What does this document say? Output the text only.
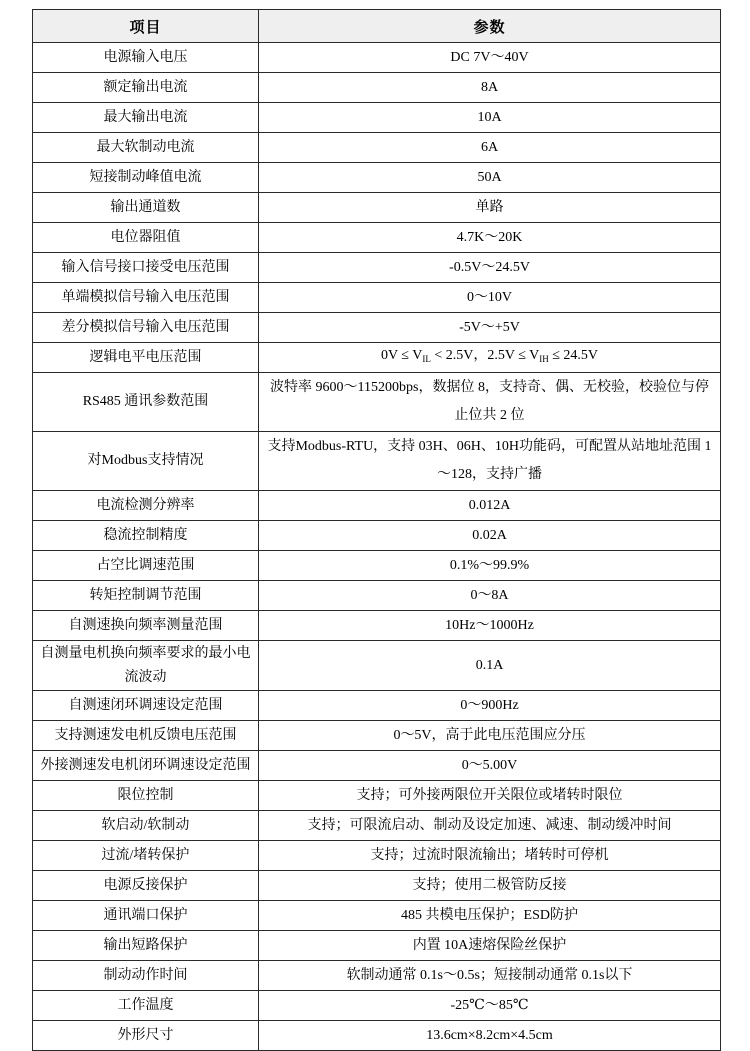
项目	参数
电源输入电压	DC 7V～40V
额定输出电流	8A
最大输出电流	10A
最大软制动电流	6A
短接制动峰值电流	50A
输出通道数	单路
电位器阻值	4.7K～20K
输入信号接口接受电压范围	-0.5V～24.5V
单端模拟信号输入电压范围	0～10V
差分模拟信号输入电压范围	-5V～+5V
逻辑电平电压范围	$0V \le V_{IL} < 2.5V$，$2.5V \le V_{IH} \le 24.5V$
RS485 通讯参数范围	波特率 9600～115200bps，数据位 8，支持奇、偶、无校验，校验位与停止位共 2 位
对Modbus支持情况	支持Modbus-RTU，支持 03H、06H、10H功能码，可配置从站地址范围 1～128，支持广播
电流检测分辨率	0.012A
稳流控制精度	0.02A
占空比调速范围	0.1%～99.9%
转矩控制调节范围	0～8A
自测速换向频率测量范围	10Hz～1000Hz
自测量电机换向频率要求的最小电流波动	0.1A
自测速闭环调速设定范围	0～900Hz
支持测速发电机反馈电压范围	0～5V，高于此电压范围应分压
外接测速发电机闭环调速设定范围	0～5.00V
限位控制	支持；可外接两限位开关限位或堵转时限位
软启动/软制动	支持；可限流启动、制动及设定加速、减速、制动缓冲时间
过流/堵转保护	支持；过流时限流输出；堵转时可停机
电源反接保护	支持；使用二极管防反接
通讯端口保护	485 共模电压保护；ESD防护
输出短路保护	内置 10A速熔保险丝保护
制动动作时间	软制动通常 0.1s～0.5s；短接制动通常 0.1s以下
工作温度	-25℃～85℃
外形尺寸	13.6cm×8.2cm×4.5cm
